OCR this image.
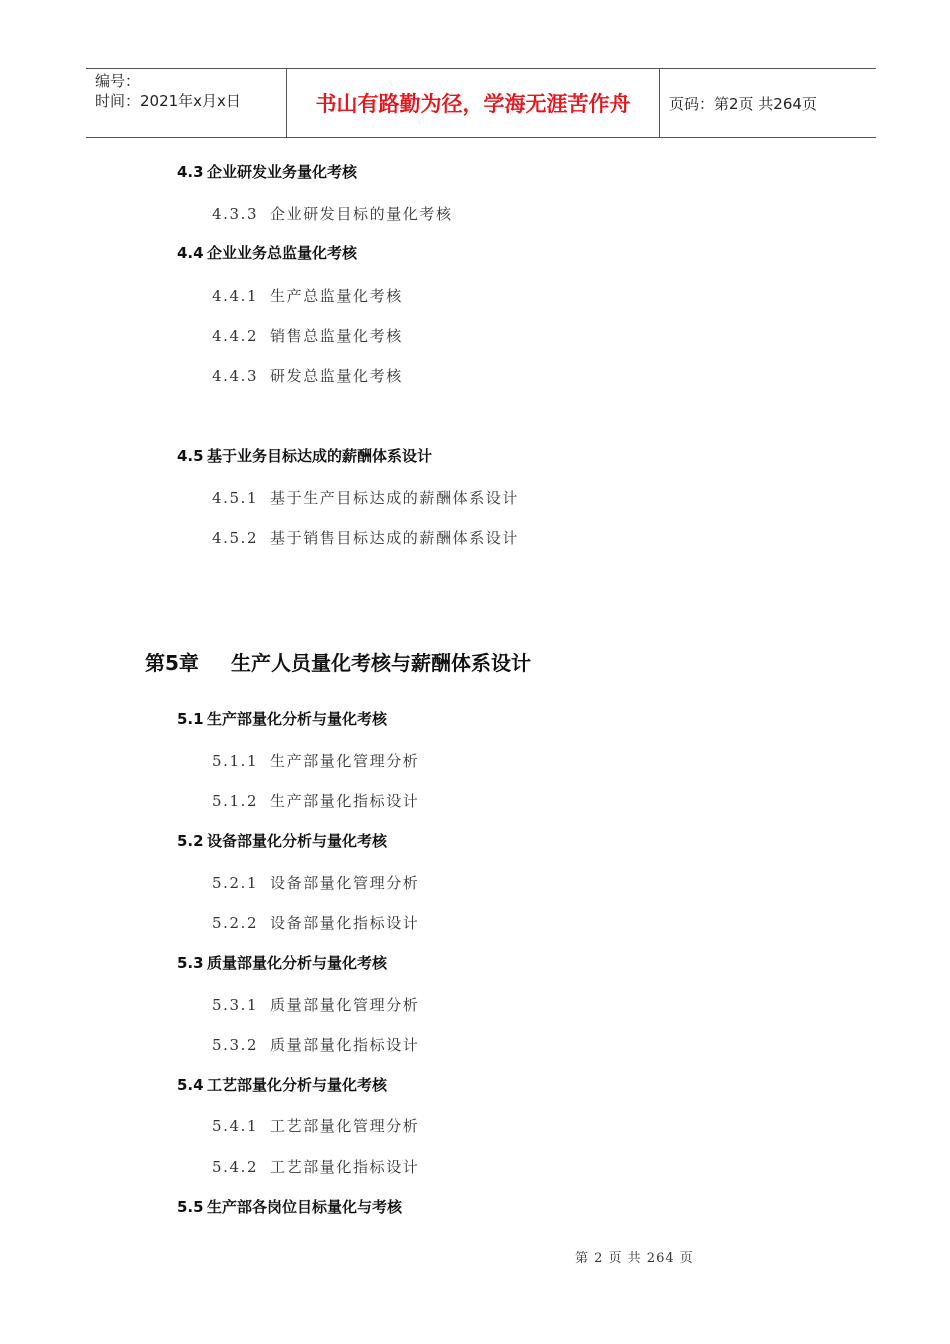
编号：
时间：2021年x月x日	书山有路勤为径，学海无涯苦作舟	页码：第2页 共264页
4.3 企业研发业务量化考核
4.3.3 企业研发目标的量化考核
4.4 企业业务总监量化考核
4.4.1 生产总监量化考核
4.4.2 销售总监量化考核
4.4.3 研发总监量化考核
4.5 基于业务目标达成的薪酬体系设计
4.5.1 基于生产目标达成的薪酬体系设计
4.5.2 基于销售目标达成的薪酬体系设计
第5章 生产人员量化考核与薪酬体系设计
5.1 生产部量化分析与量化考核
5.1.1 生产部量化管理分析
5.1.2 生产部量化指标设计
5.2 设备部量化分析与量化考核
5.2.1 设备部量化管理分析
5.2.2 设备部量化指标设计
5.3 质量部量化分析与量化考核
5.3.1 质量部量化管理分析
5.3.2 质量部量化指标设计
5.4 工艺部量化分析与量化考核
5.4.1 工艺部量化管理分析
5.4.2 工艺部量化指标设计
5.5 生产部各岗位目标量化与考核
第 2 页 共 264 页
